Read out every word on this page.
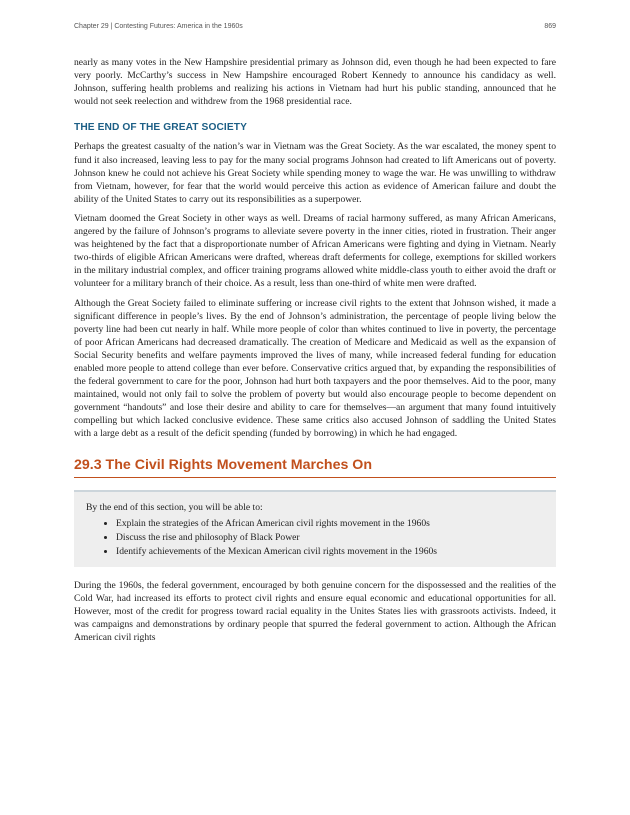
Chapter 29 | Contesting Futures: America in the 1960s	869

nearly as many votes in the New Hampshire presidential primary as Johnson did, even though he had been expected to fare very poorly. McCarthy’s success in New Hampshire encouraged Robert Kennedy to announce his candidacy as well. Johnson, suffering health problems and realizing his actions in Vietnam had hurt his public standing, announced that he would not seek reelection and withdrew from the 1968 presidential race.

THE END OF THE GREAT SOCIETY

Perhaps the greatest casualty of the nation’s war in Vietnam was the Great Society. As the war escalated, the money spent to fund it also increased, leaving less to pay for the many social programs Johnson had created to lift Americans out of poverty. Johnson knew he could not achieve his Great Society while spending money to wage the war. He was unwilling to withdraw from Vietnam, however, for fear that the world would perceive this action as evidence of American failure and doubt the ability of the United States to carry out its responsibilities as a superpower.

Vietnam doomed the Great Society in other ways as well. Dreams of racial harmony suffered, as many African Americans, angered by the failure of Johnson’s programs to alleviate severe poverty in the inner cities, rioted in frustration. Their anger was heightened by the fact that a disproportionate number of African Americans were fighting and dying in Vietnam. Nearly two-thirds of eligible African Americans were drafted, whereas draft deferments for college, exemptions for skilled workers in the military industrial complex, and officer training programs allowed white middle-class youth to either avoid the draft or volunteer for a military branch of their choice. As a result, less than one-third of white men were drafted.

Although the Great Society failed to eliminate suffering or increase civil rights to the extent that Johnson wished, it made a significant difference in people’s lives. By the end of Johnson’s administration, the percentage of people living below the poverty line had been cut nearly in half. While more people of color than whites continued to live in poverty, the percentage of poor African Americans had decreased dramatically. The creation of Medicare and Medicaid as well as the expansion of Social Security benefits and welfare payments improved the lives of many, while increased federal funding for education enabled more people to attend college than ever before. Conservative critics argued that, by expanding the responsibilities of the federal government to care for the poor, Johnson had hurt both taxpayers and the poor themselves. Aid to the poor, many maintained, would not only fail to solve the problem of poverty but would also encourage people to become dependent on government “handouts” and lose their desire and ability to care for themselves—an argument that many found intuitively compelling but which lacked conclusive evidence. These same critics also accused Johnson of saddling the United States with a large debt as a result of the deficit spending (funded by borrowing) in which he had engaged.

29.3 The Civil Rights Movement Marches On

By the end of this section, you will be able to:

• Explain the strategies of the African American civil rights movement in the 1960s
• Discuss the rise and philosophy of Black Power
• Identify achievements of the Mexican American civil rights movement in the 1960s

During the 1960s, the federal government, encouraged by both genuine concern for the dispossessed and the realities of the Cold War, had increased its efforts to protect civil rights and ensure equal economic and educational opportunities for all. However, most of the credit for progress toward racial equality in the Unites States lies with grassroots activists. Indeed, it was campaigns and demonstrations by ordinary people that spurred the federal government to action. Although the African American civil rights
